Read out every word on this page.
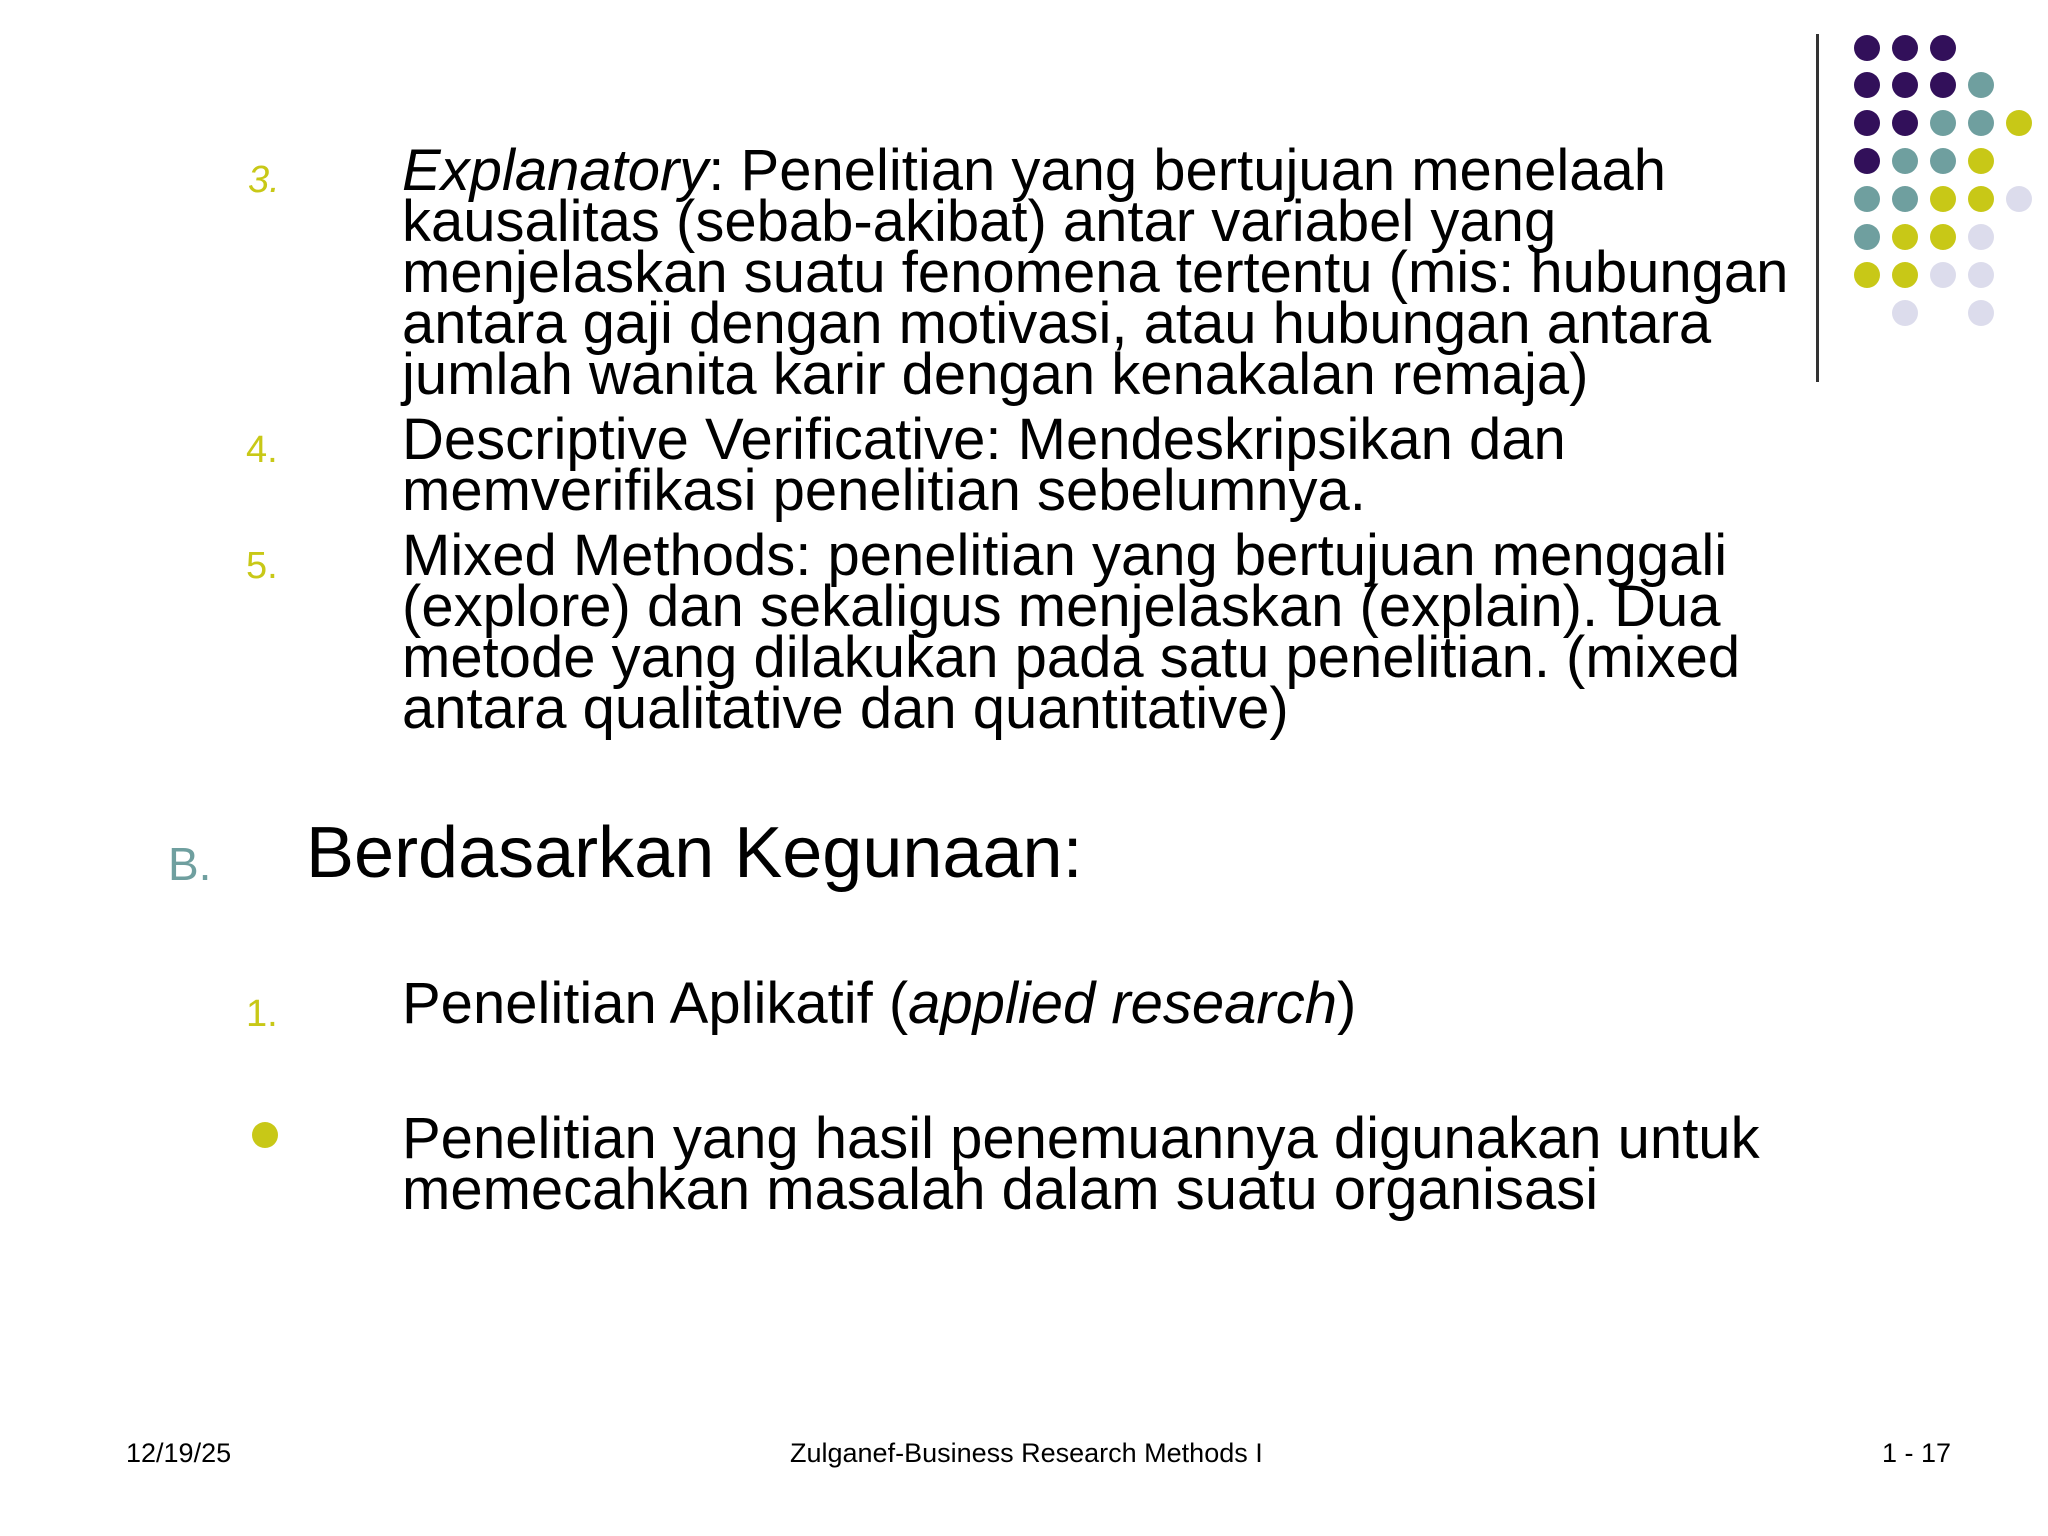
3. Explanatory: Penelitian yang bertujuan menelaah
kausalitas (sebab-akibat) antar variabel yang
menjelaskan suatu fenomena tertentu (mis: hubungan
antara gaji dengan motivasi, atau hubungan antara
jumlah wanita karir dengan kenakalan remaja)
4. Descriptive Verificative: Mendeskripsikan dan
memverifikasi penelitian sebelumnya.
5. Mixed Methods: penelitian yang bertujuan menggali
(explore) dan sekaligus menjelaskan (explain). Dua
metode yang dilakukan pada satu penelitian. (mixed
antara qualitative dan quantitative)
B. Berdasarkan Kegunaan:
1. Penelitian Aplikatif (applied research)
Penelitian yang hasil penemuannya digunakan untuk
memecahkan masalah dalam suatu organisasi
12/19/25	Zulganef-Business Research Methods I	1 - 17
